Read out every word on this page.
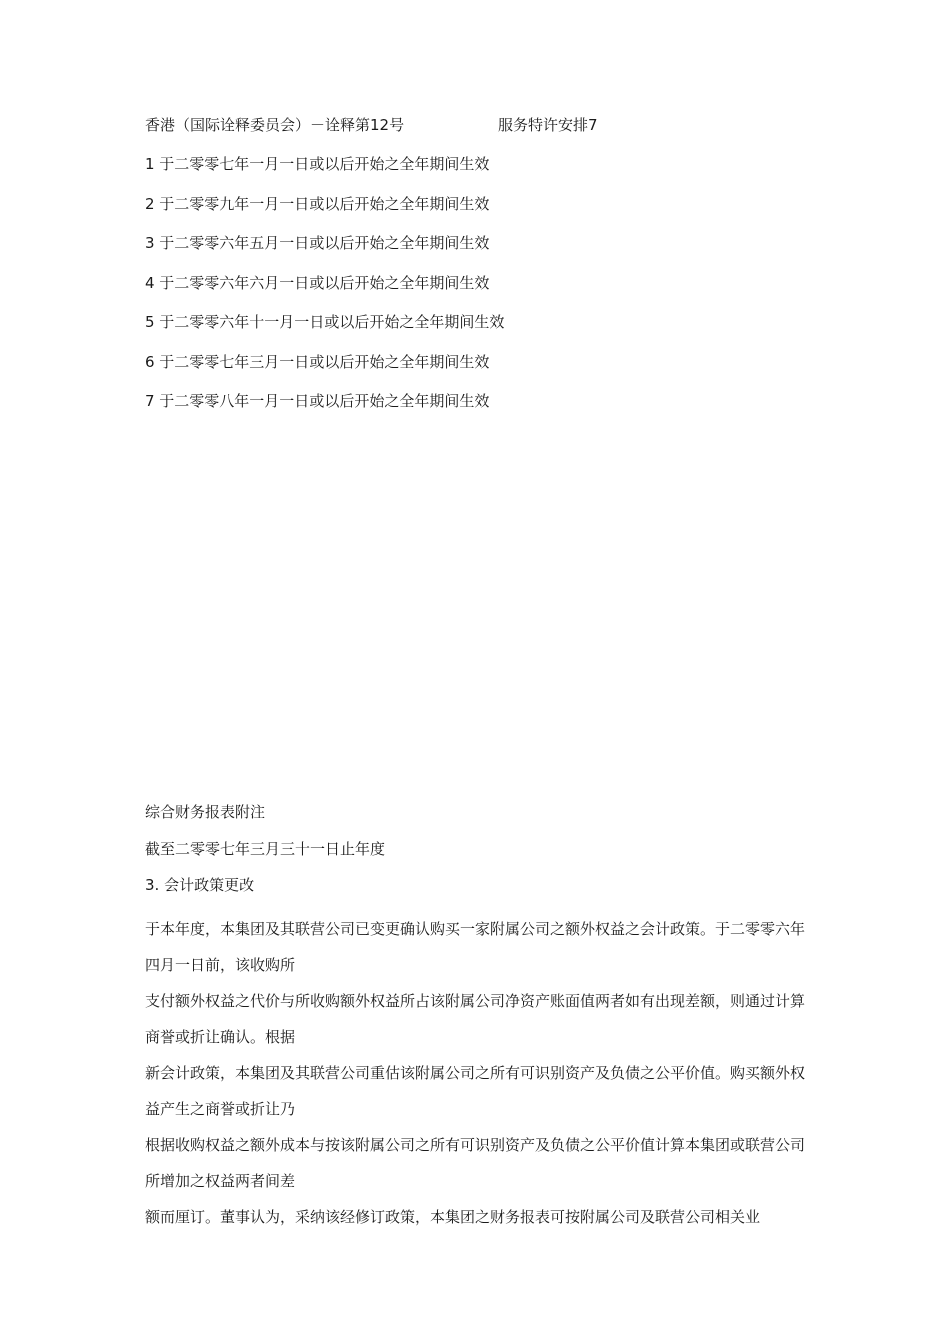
香港（国际诠释委员会）－诠释第12号	服务特许安排7
1 于二零零七年一月一日或以后开始之全年期间生效
2 于二零零九年一月一日或以后开始之全年期间生效
3 于二零零六年五月一日或以后开始之全年期间生效
4 于二零零六年六月一日或以后开始之全年期间生效
5 于二零零六年十一月一日或以后开始之全年期间生效
6 于二零零七年三月一日或以后开始之全年期间生效
7 于二零零八年一月一日或以后开始之全年期间生效
综合财务报表附注
截至二零零七年三月三十一日止年度
3. 会计政策更改

于本年度，本集团及其联营公司已变更确认购买一家附属公司之额外权益之会计政策。于二零零六年四月一日前，该收购所

支付额外权益之代价与所收购额外权益所占该附属公司净资产账面值两者如有出现差额，则通过计算商誉或折让确认。根据

新会计政策，本集团及其联营公司重估该附属公司之所有可识别资产及负债之公平价值。购买额外权益产生之商誉或折让乃

根据收购权益之额外成本与按该附属公司之所有可识别资产及负债之公平价值计算本集团或联营公司所增加之权益两者间差

额而厘订。董事认为，采纳该经修订政策，本集团之财务报表可按附属公司及联营公司相关业
